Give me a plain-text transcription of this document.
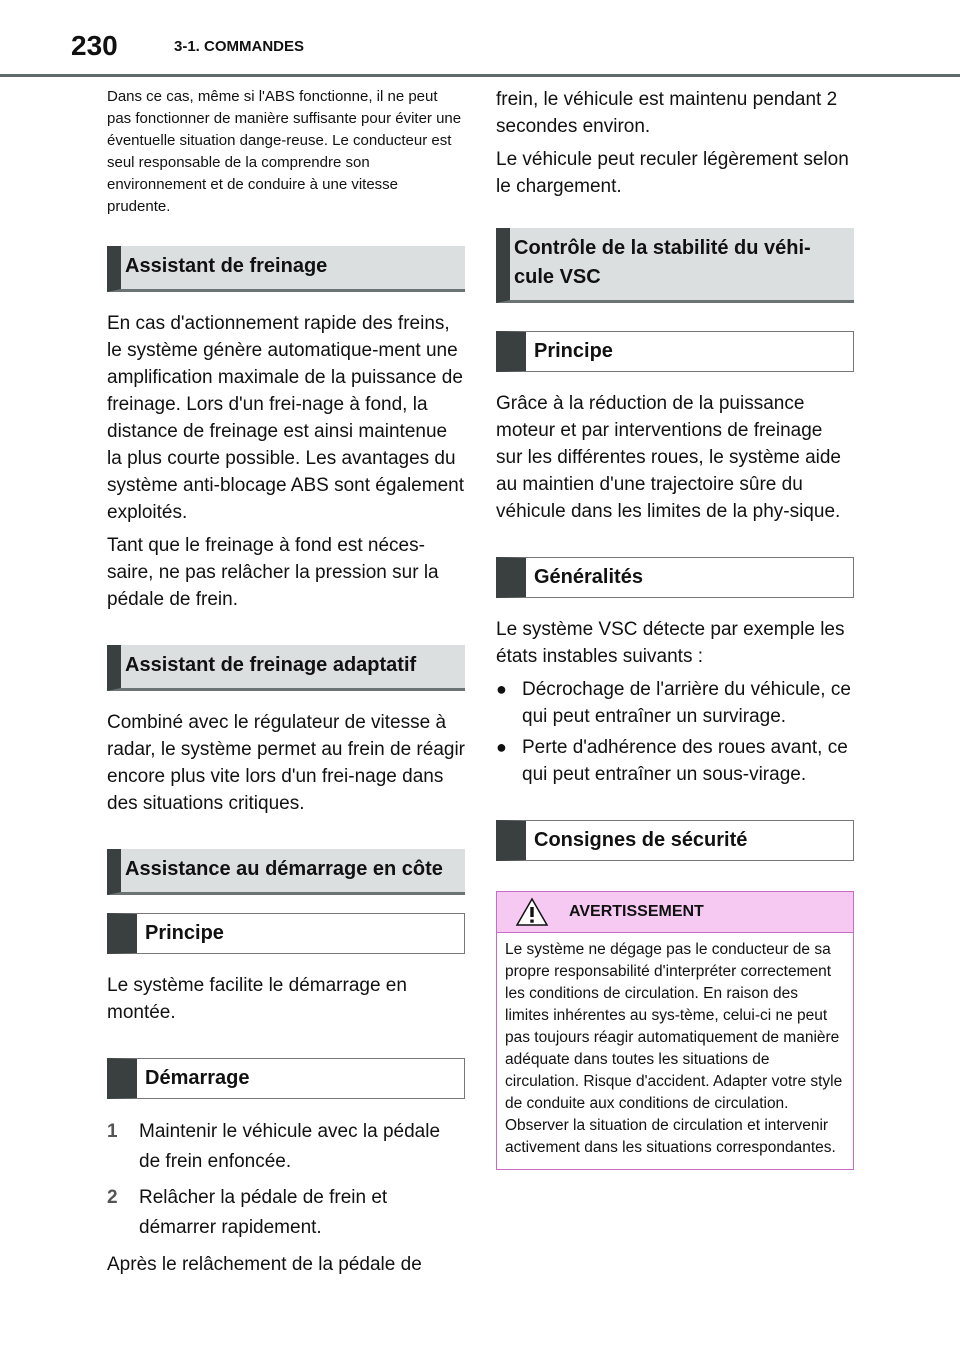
230	3-1. COMMANDES

Dans ce cas, même si l'ABS fonctionne, il ne peut pas fonctionner de manière suffisante pour éviter une éventuelle situation dange-reuse. Le conducteur est seul responsable de la comprendre son environnement et de conduire à une vitesse prudente.

Assistant de freinage

En cas d'actionnement rapide des freins, le système génère automatique-ment une amplification maximale de la puissance de freinage. Lors d'un frei-nage à fond, la distance de freinage est ainsi maintenue la plus courte possible. Les avantages du système anti-blocage ABS sont également exploités.

Tant que le freinage à fond est néces-saire, ne pas relâcher la pression sur la pédale de frein.

Assistant de freinage adaptatif

Combiné avec le régulateur de vitesse à radar, le système permet au frein de réagir encore plus vite lors d'un frei-nage dans des situations critiques.

Assistance au démarrage en côte
Principe

Le système facilite le démarrage en montée.

Démarrage
1	Maintenir le véhicule avec la pédale de frein enfoncée.
2	Relâcher la pédale de frein et démarrer rapidement.

Après le relâchement de la pédale de

frein, le véhicule est maintenu pendant 2 secondes environ.

Le véhicule peut reculer légèrement selon le chargement.

Contrôle de la stabilité du véhi-cule VSC
Principe

Grâce à la réduction de la puissance moteur et par interventions de freinage sur les différentes roues, le système aide au maintien d'une trajectoire sûre du véhicule dans les limites de la phy-sique.

Généralités

Le système VSC détecte par exemple les états instables suivants :

● Décrochage de l'arrière du véhicule, ce qui peut entraîner un survirage.
● Perte d'adhérence des roues avant, ce qui peut entraîner un sous-virage.
Consignes de sécurité
AVERTISSEMENT
Le système ne dégage pas le conducteur de sa propre responsabilité d'interpréter correctement les conditions de circulation. En raison des limites inhérentes au sys-tème, celui-ci ne peut pas toujours réagir automatiquement de manière adéquate dans toutes les situations de circulation. Risque d'accident. Adapter votre style de conduite aux conditions de circulation. Observer la situation de circulation et intervenir activement dans les situations correspondantes.
